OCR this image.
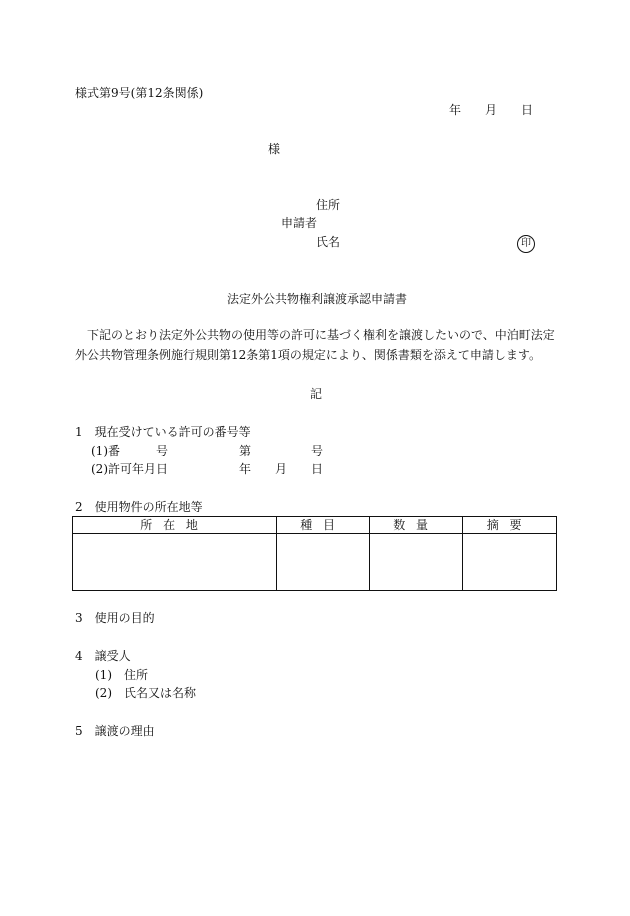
様式第9号(第12条関係)
年 月 日
様
住所
申請者
氏名	印
法定外公共物権利譲渡承認申請書
下記のとおり法定外公共物の使用等の許可に基づく権利を譲渡したいので、中泊町法定外公共物管理条例施行規則第12条第1項の規定により、関係書類を添えて申請します。
記
1　現在受けている許可の番号等
(1)番　　　号	第	号
(2)許可年月日	年 月 日
2　使用物件の所在地等
所在地	種目	数量	摘要

3　使用の目的
4　譲受人
(1)　住所
(2)　氏名又は名称
5　譲渡の理由
